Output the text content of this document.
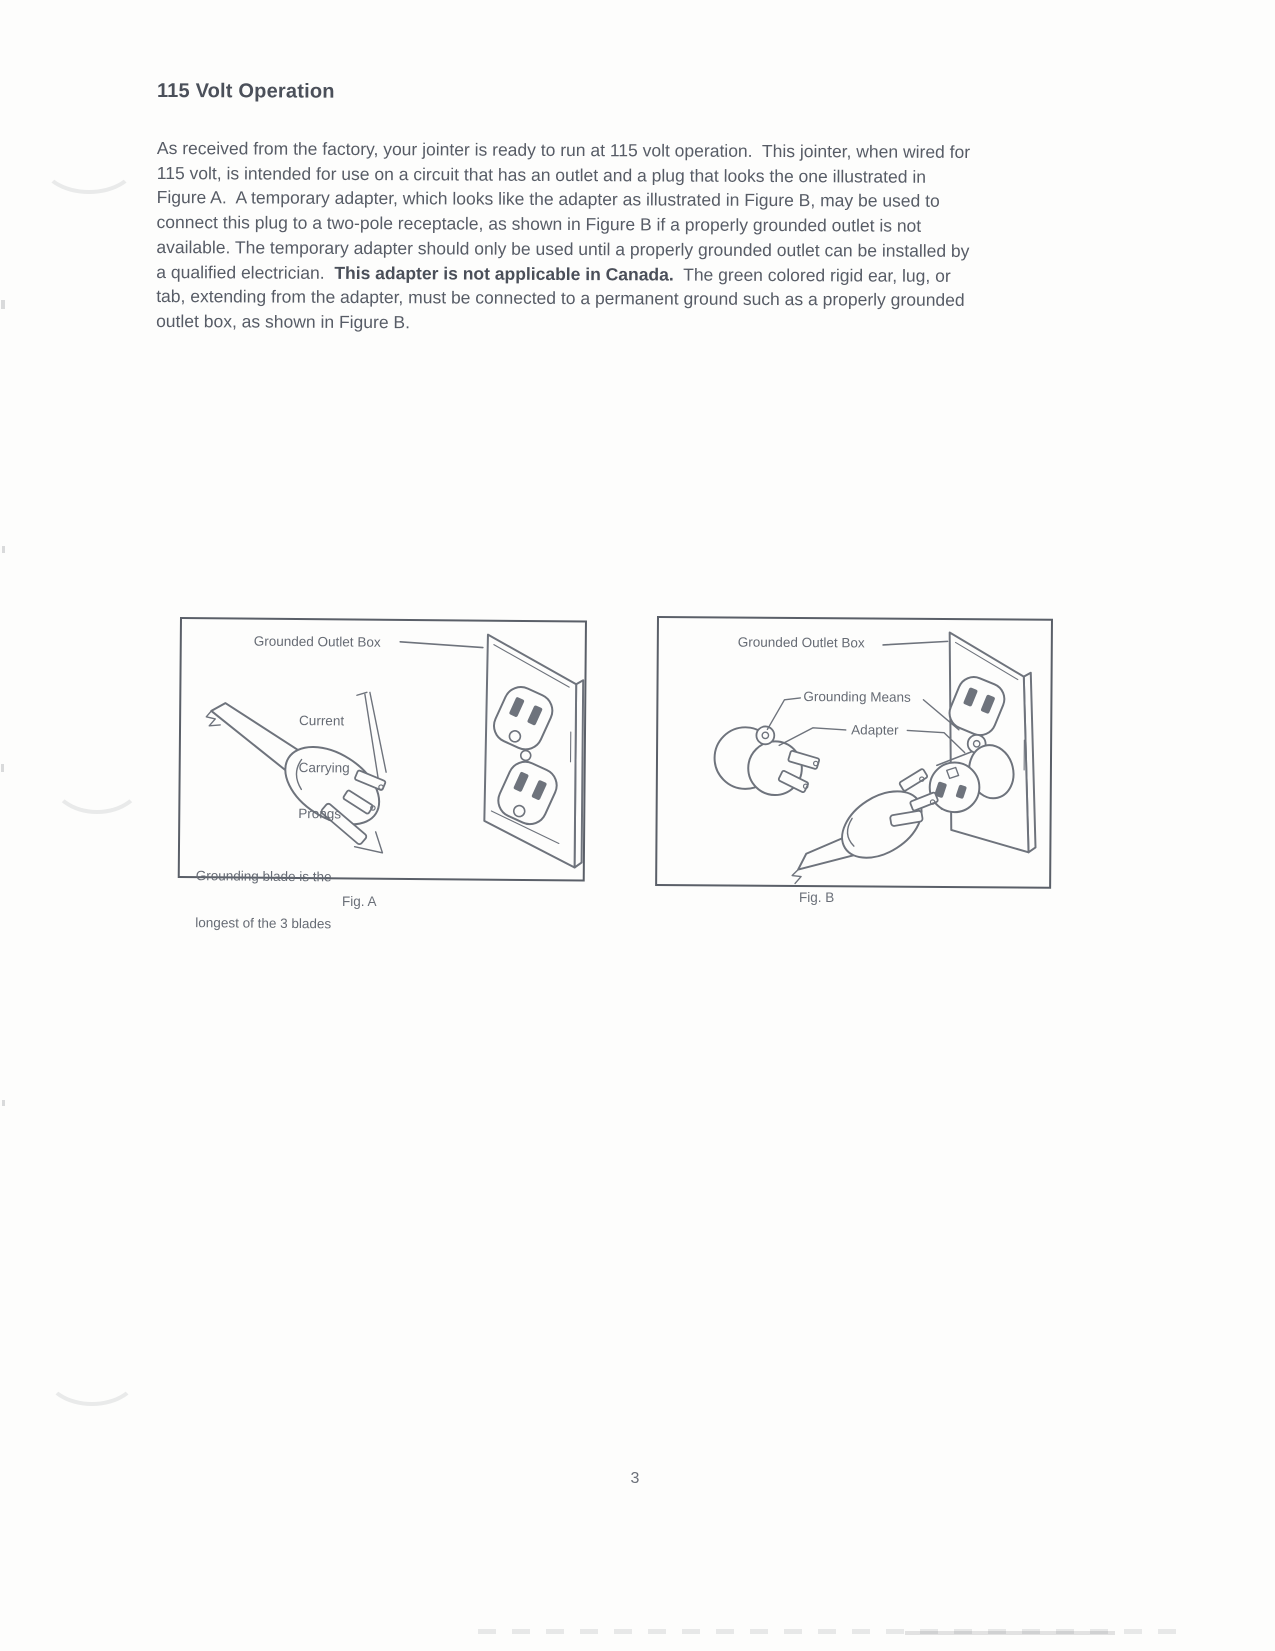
115 Volt Operation
As received from the factory, your jointer is ready to run at 115 volt operation.  This jointer, when wired for
115 volt, is intended for use on a circuit that has an outlet and a plug that looks the one illustrated in
Figure A.  A temporary adapter, which looks like the adapter as illustrated in Figure B, may be used to
connect this plug to a two-pole receptacle, as shown in Figure B if a properly grounded outlet is not
available. The temporary adapter should only be used until a properly grounded outlet can be installed by
a qualified electrician.  This adapter is not applicable in Canada.  The green colored rigid ear, lug, or
tab, extending from the adapter, must be connected to a permanent ground such as a properly grounded
outlet box, as shown in Figure B.
Grounded Outlet Box

Current

Carrying

Prongs

Grounding blade is the

longest of the 3 blades

Fig. A
Grounded Outlet Box
Grounding Means
Adapter
Fig. B
3
